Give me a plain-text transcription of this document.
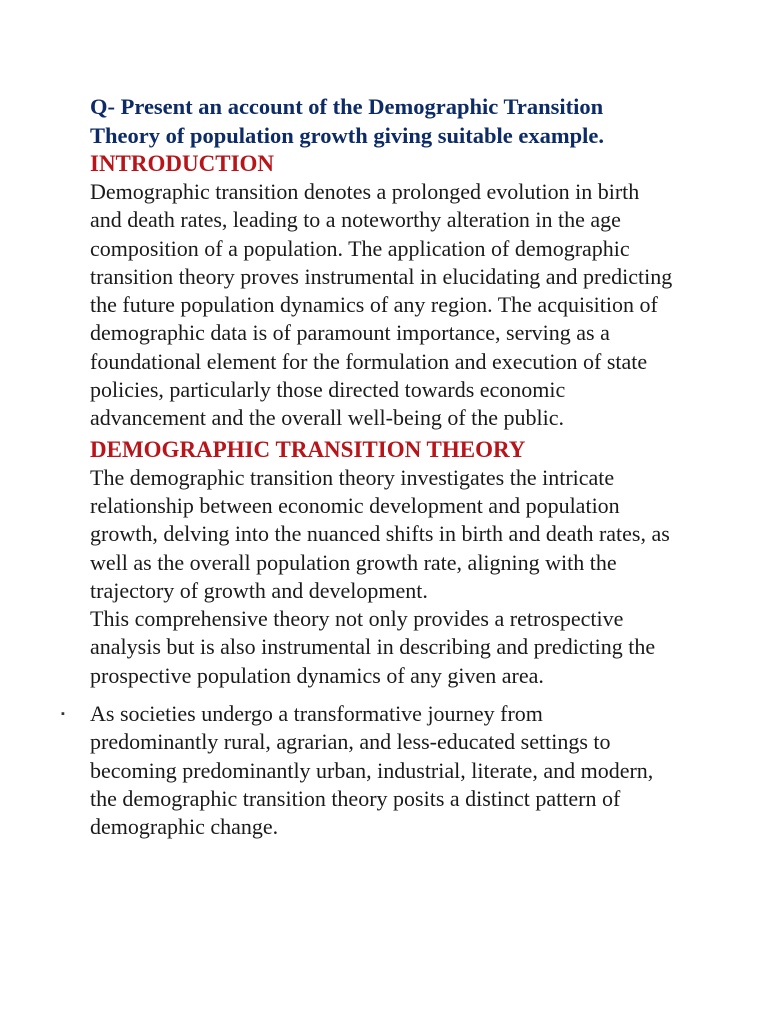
Q- Present an account of the Demographic Transition Theory of population growth giving suitable example.

INTRODUCTION

Demographic transition denotes a prolonged evolution in birth and death rates, leading to a noteworthy alteration in the age composition of a population. The application of demographic transition theory proves instrumental in elucidating and predicting the future population dynamics of any region. The acquisition of demographic data is of paramount importance, serving as a foundational element for the formulation and execution of state policies, particularly those directed towards economic advancement and the overall well-being of the public.

DEMOGRAPHIC TRANSITION THEORY

The demographic transition theory investigates the intricate relationship between economic development and population growth, delving into the nuanced shifts in birth and death rates, as well as the overall population growth rate, aligning with the trajectory of growth and development.

This comprehensive theory not only provides a retrospective analysis but is also instrumental in describing and predicting the prospective population dynamics of any given area.

▪ As societies undergo a transformative journey from predominantly rural, agrarian, and less-educated settings to becoming predominantly urban, industrial, literate, and modern, the demographic transition theory posits a distinct pattern of demographic change.
